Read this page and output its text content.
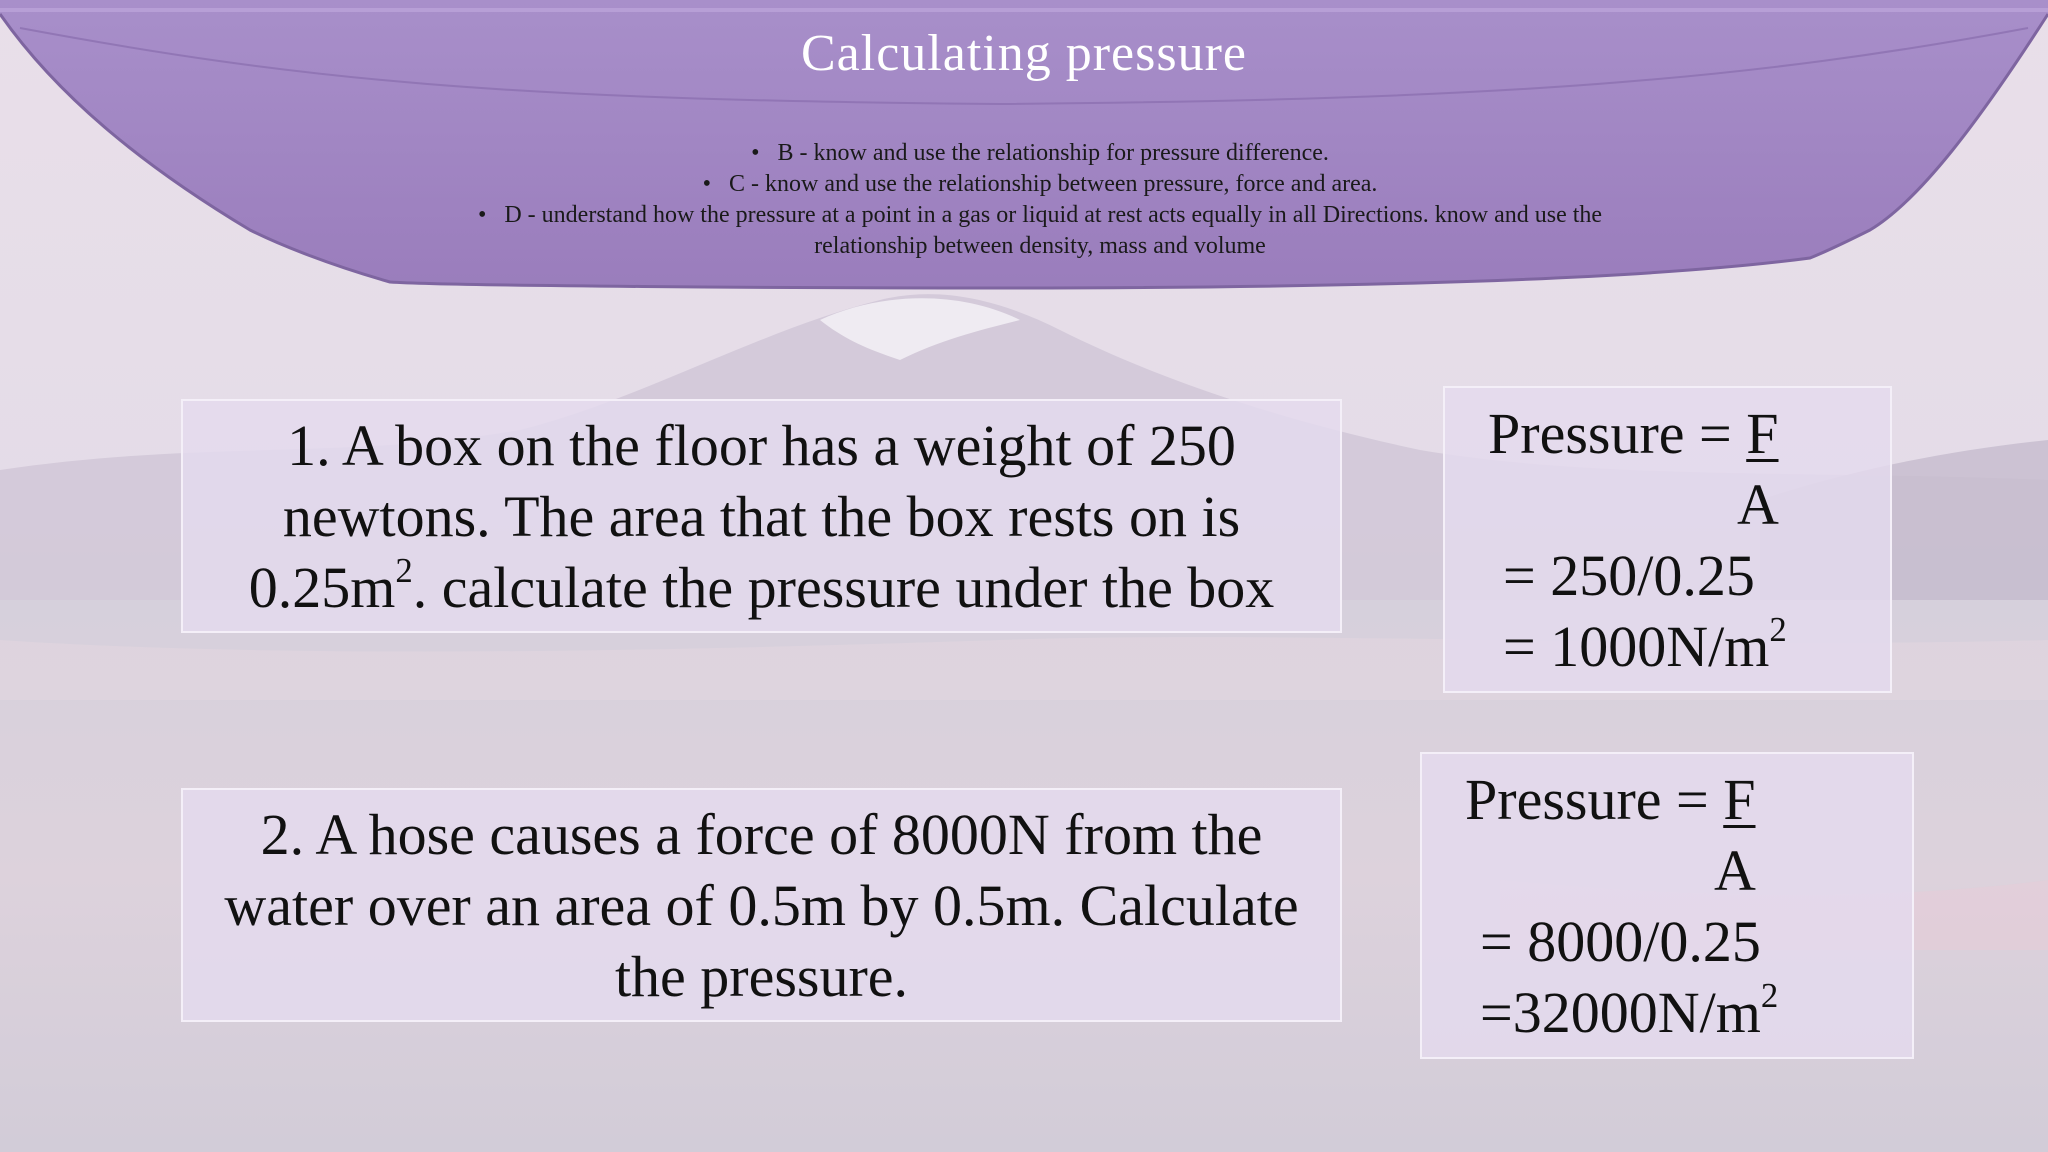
Calculating pressure
• B - know and use the relationship for pressure difference.
• C - know and use the relationship between pressure, force and area.
• D - understand how the pressure at a point in a gas or liquid at rest acts equally in all Directions. know and use the relationship between density, mass and volume
1. A box on the floor has a weight of 250
newtons. The area that the box rests on is
$0.25m^2$. calculate the pressure under the box
Pressure = F
A
= 250/0.25
= $1000N/m^2$
2. A hose causes a force of 8000N from the
water over an area of 0.5m by 0.5m. Calculate
the pressure.
Pressure = F
A
= 8000/0.25
$=32000N/m^2$
